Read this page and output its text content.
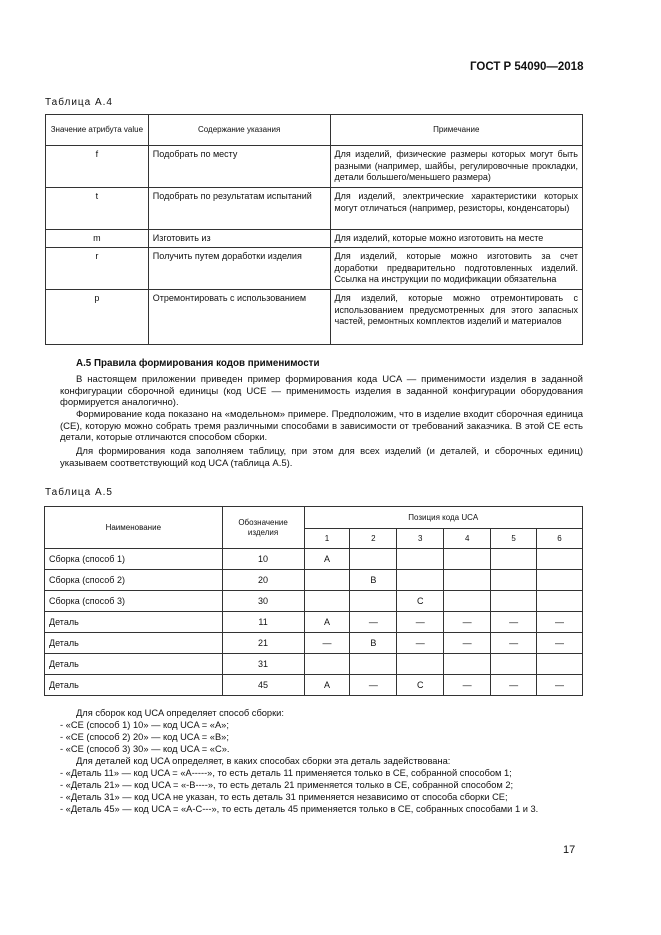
ГОСТ Р 54090—2018
Таблица А.4
Значение атрибута value	Содержание указания	Примечание
f	Подобрать по месту	Для изделий, физические размеры которых могут быть разными (например, шайбы, регулировочные прокладки, детали большего/меньшего размера)
t	Подобрать по результатам испытаний	Для изделий, электрические характеристики которых могут отличаться (например, резисторы, конденсаторы)
m	Изготовить из	Для изделий, которые можно изготовить на месте
r	Получить путем доработки изделия	Для изделий, которые можно изготовить за счет доработки предварительно подготовленных изделий. Ссылка на инструкции по модификации обязательна
p	Отремонтировать с использованием	Для изделий, которые можно отремонтировать с использованием предусмотренных для этого запасных частей, ремонтных комплектов изделий и материалов
А.5 Правила формирования кодов применимости
В настоящем приложении приведен пример формирования кода UCA — применимости изделия в заданной конфигурации сборочной единицы (код UCE — применимость изделия в заданной конфигурации оборудования формируется аналогично).
Формирование кода показано на «модельном» примере. Предположим, что в изделие входит сборочная единица (СЕ), которую можно собрать тремя различными способами в зависимости от требований заказчика. В этой СЕ есть детали, которые отличаются способом сборки.
Для формирования кода заполняем таблицу, при этом для всех изделий (и деталей, и сборочных единиц) указываем соответствующий код UCA (таблица А.5).
Таблица А.5
Наименование	Обозначение изделия	Позиция кода UCA					
		1	2	3	4	5	6
Сборка (способ 1)	10	A					
Сборка (способ 2)	20		B				
Сборка (способ 3)	30			C			
Деталь	11	A	—	—	—	—	—
Деталь	21	—	B	—	—	—	—
Деталь	31						
Деталь	45	A	—	C	—	—	—
Для сборок код UCA определяет способ сборки:
- «СЕ (способ 1) 10» — код UCA = «A»;
- «СЕ (способ 2) 20» — код UCA = «B»;
- «СЕ (способ 3) 30» — код UCA = «C».
Для деталей код UCA определяет, в каких способах сборки эта деталь задействована:
- «Деталь 11» — код UCA = «A-----», то есть деталь 11 применяется только в СЕ, собранной способом 1;
- «Деталь 21» — код UCA = «-B----», то есть деталь 21 применяется только в СЕ, собранной способом 2;
- «Деталь 31» — код UCA не указан, то есть деталь 31 применяется независимо от способа сборки СЕ;
- «Деталь 45» — код UCA = «A-C---», то есть деталь 45 применяется только в СЕ, собранных способами 1 и 3.
17
